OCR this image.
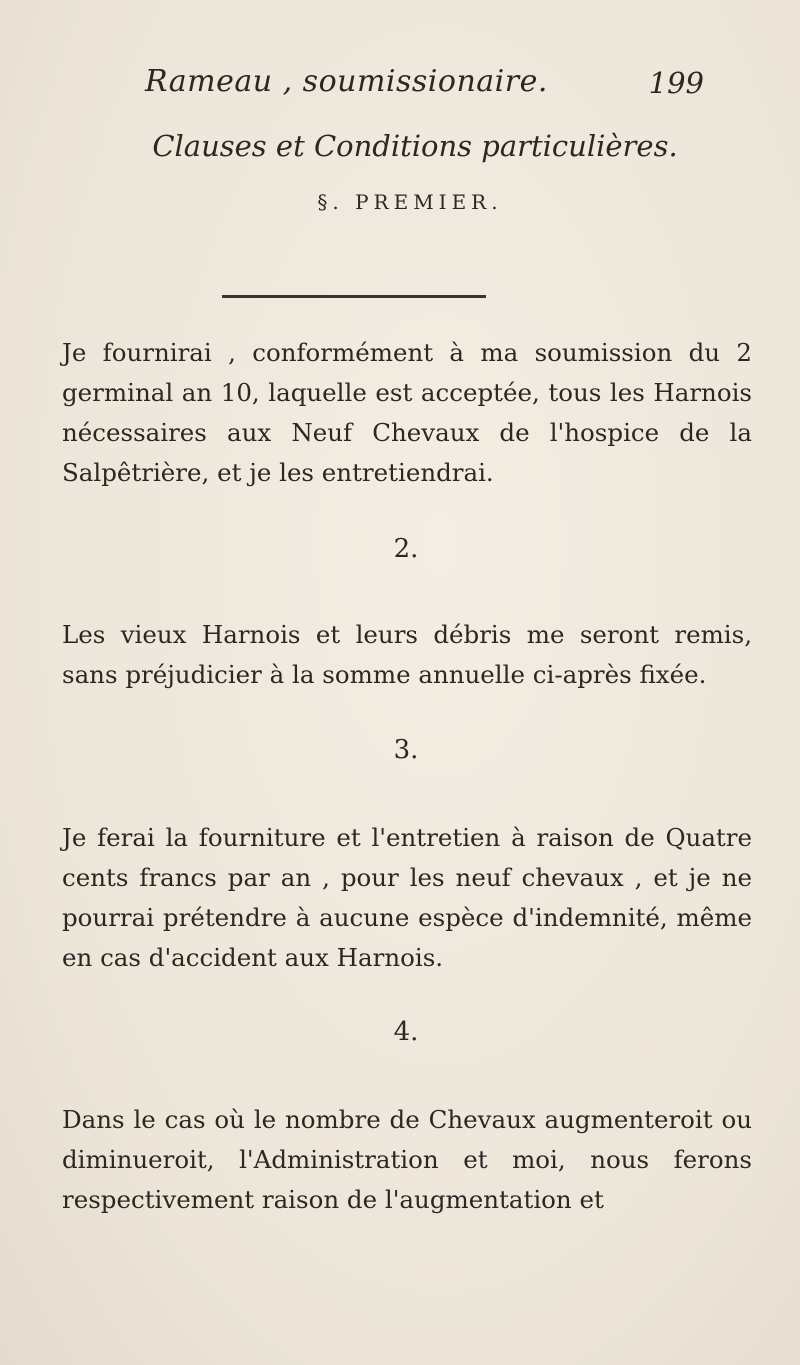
Rameau , soumissionaire.	199
Clauses et Conditions particulières.
§. PREMIER.

Je fournirai , conformément à ma soumission du 2 germinal an 10, laquelle est acceptée, tous les Harnois nécessaires aux Neuf Chevaux de l'hospice de la Salpêtrière, et je les entretiendrai.

2.

Les vieux Harnois et leurs débris me seront remis, sans préjudicier à la somme annuelle ci-après fixée.

3.

Je ferai la fourniture et l'entretien à raison de Quatre cents francs par an , pour les neuf chevaux , et je ne pourrai prétendre à aucune espèce d'indemnité, même en cas d'accident aux Harnois.

4.

Dans le cas où le nombre de Chevaux augmenteroit ou diminueroit, l'Administration et moi, nous ferons respectivement raison de l'augmentation et
